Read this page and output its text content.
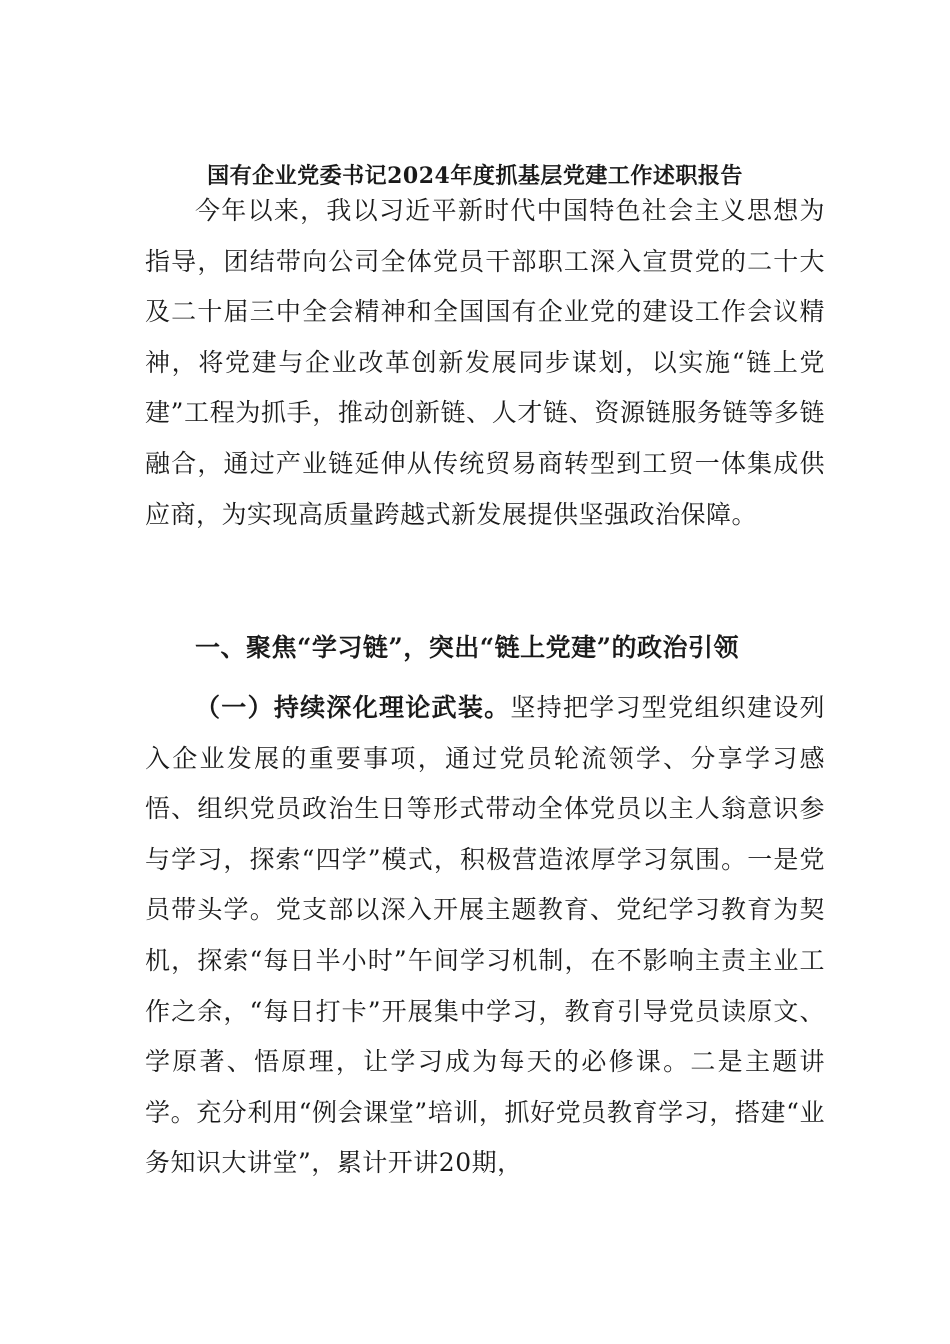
国有企业党委书记2024年度抓基层党建工作述职报告

今年以来，我以习近平新时代中国特色社会主义思想为指导，团结带向公司全体党员干部职工深入宣贯党的二十大及二十届三中全会精神和全国国有企业党的建设工作会议精神，将党建与企业改革创新发展同步谋划，以实施“链上党建”工程为抓手，推动创新链、人才链、资源链服务链等多链融合，通过产业链延伸从传统贸易商转型到工贸一体集成供应商，为实现高质量跨越式新发展提供坚强政治保障。

一、聚焦“学习链”，突出“链上党建”的政治引领

（一）持续深化理论武装。坚持把学习型党组织建设列入企业发展的重要事项，通过党员轮流领学、分享学习感悟、组织党员政治生日等形式带动全体党员以主人翁意识参与学习，探索“四学”模式，积极营造浓厚学习氛围。一是党员带头学。党支部以深入开展主题教育、党纪学习教育为契机，探索“每日半小时”午间学习机制，在不影响主责主业工作之余，“每日打卡”开展集中学习，教育引导党员读原文、学原著、悟原理，让学习成为每天的必修课。二是主题讲学。充分利用“例会课堂”培训，抓好党员教育学习，搭建“业务知识大讲堂”，累计开讲20期，
